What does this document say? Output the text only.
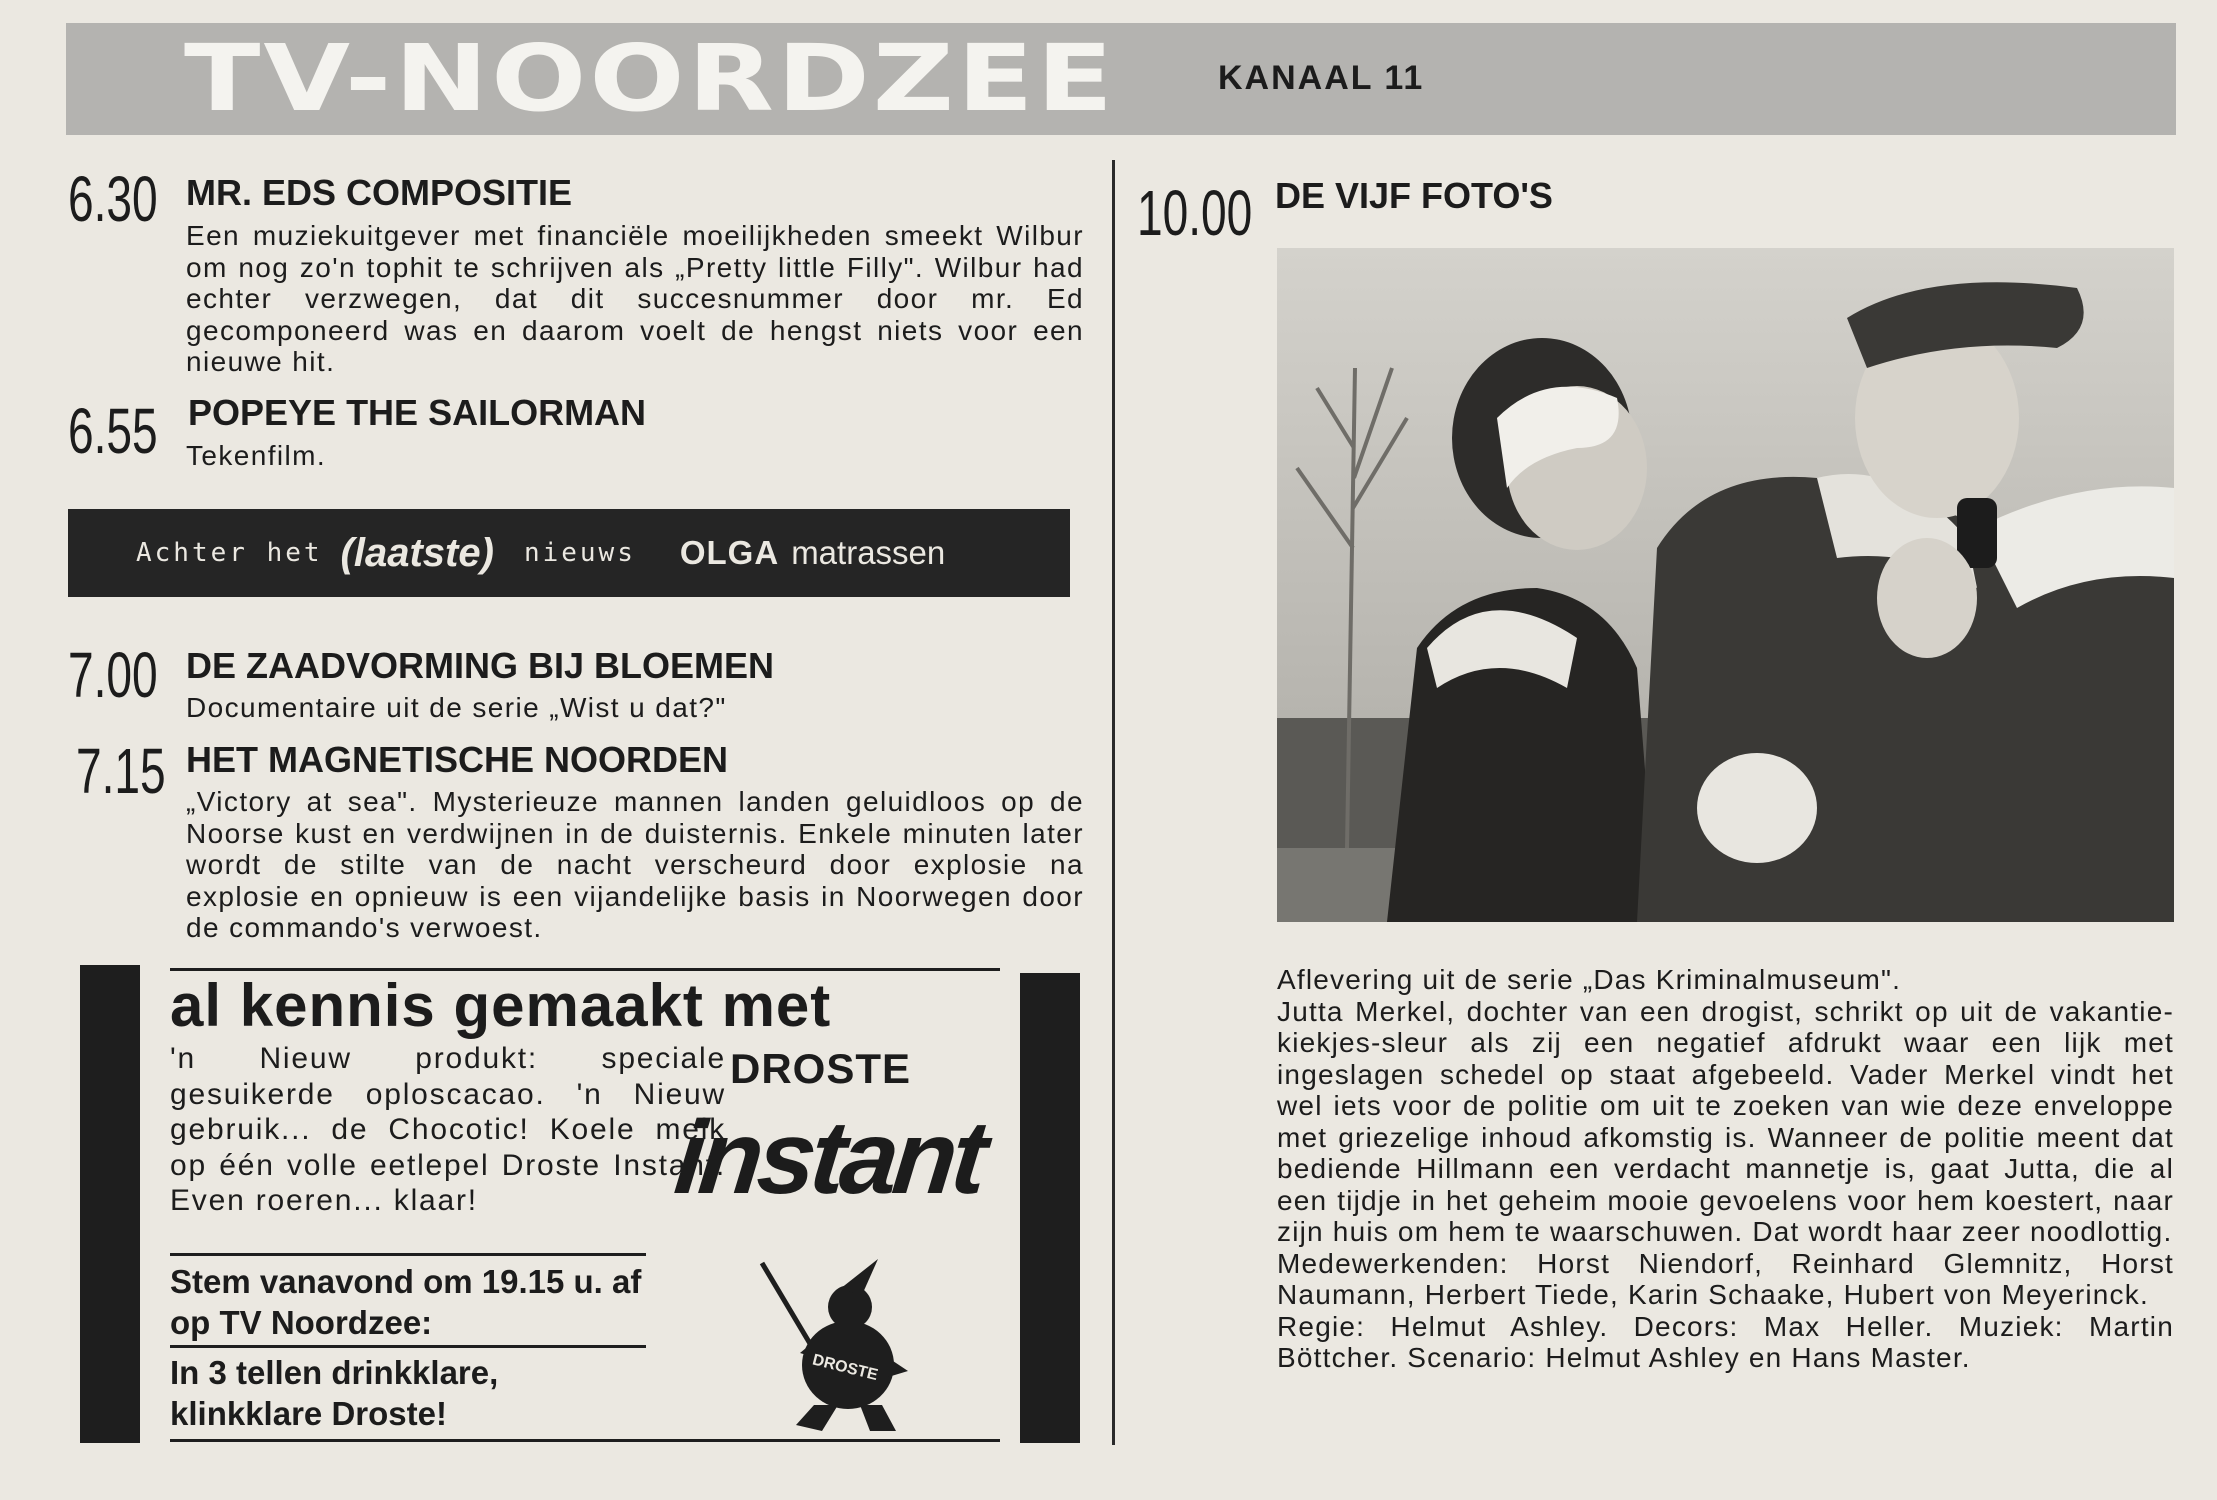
TV-NOORDZEE	KANAAL 11
6.30 MR. EDS COMPOSITIE

Een muziekuitgever met financiële moeilijkheden smeekt Wilbur om nog zo'n tophit te schrijven als „Pretty little Filly". Wilbur had echter verzwegen, dat dit succesnummer door mr. Ed gecomponeerd was en daarom voelt de hengst niets voor een nieuwe hit.

6.55 POPEYE THE SAILORMAN

Tekenfilm.

Achter het (laatste) nieuws OLGA matrassen
7.00 DE ZAADVORMING BIJ BLOEMEN

Documentaire uit de serie „Wist u dat?"

7.15 HET MAGNETISCHE NOORDEN

„Victory at sea". Mysterieuze mannen landen geluidloos op de Noorse kust en verdwijnen in de duisternis. Enkele minuten later wordt de stilte van de nacht verscheurd door explosie na explosie en opnieuw is een vijandelijke basis in Noorwegen door de commando's verwoest.

al kennis gemaakt met

'n Nieuw produkt: speciale gesuikerde oploscacao. 'n Nieuw gebruik... de Chocotic! Koele melk op één volle eetlepel Droste Instant. Even roeren... klaar!

Stem vanavond om 19.15 u. af op TV Noordzee:

In 3 tellen drinkklare, klinkklare Droste!

DROSTE
instant
DROSTE
10.00 DE VIJF FOTO'S

Aflevering uit de serie „Das Kriminalmuseum".
Jutta Merkel, dochter van een drogist, schrikt op uit de vakantie-kiekjes-sleur als zij een negatief afdrukt waar een lijk met ingeslagen schedel op staat afgebeeld. Vader Merkel vindt het wel iets voor de politie om uit te zoeken van wie deze enveloppe met griezelige inhoud afkomstig is. Wanneer de politie meent dat bediende Hillmann een verdacht mannetje is, gaat Jutta, die al een tijdje in het geheim mooie gevoelens voor hem koestert, naar zijn huis om hem te waarschuwen. Dat wordt haar zeer noodlottig.
Medewerkenden: Horst Niendorf, Reinhard Glemnitz, Horst Naumann, Herbert Tiede, Karin Schaake, Hubert von Meyerinck.
Regie: Helmut Ashley. Decors: Max Heller. Muziek: Martin Böttcher. Scenario: Helmut Ashley en Hans Master.
